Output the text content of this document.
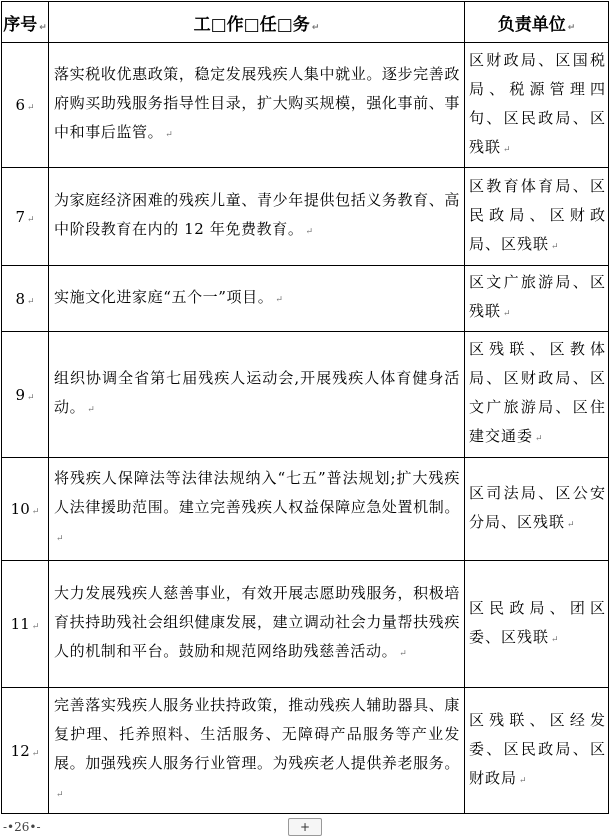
序号 ↵	工□作□任□务 ↵	负责单位 ↵
6 ↵	落实税收优惠政策，稳定发展残疾人集中就业。逐步完善政府购买助残服务指导性目录，扩大购买规模，强化事前、事中和事后监管。 ↵	区财政局、区国税局、税源管理四句、区民政局、区残联 ↵
7 ↵	为家庭经济困难的残疾儿童、青少年提供包括义务教育、高中阶段教育在内的 12 年免费教育。 ↵	区教育体育局、区民政局、区财政局、区残联 ↵
8 ↵	实施文化进家庭“五个一”项目。 ↵	区文广旅游局、区残联 ↵
9 ↵	组织协调全省第七届残疾人运动会,开展残疾人体育健身活动。 ↵	区残联、区教体局、区财政局、区文广旅游局、区住建交通委 ↵
10 ↵	将残疾人保障法等法律法规纳入“七五”普法规划;扩大残疾人法律援助范围。建立完善残疾人权益保障应急处置机制。↵	区司法局、区公安分局、区残联 ↵
11 ↵	大力发展残疾人慈善事业，有效开展志愿助残服务，积极培育扶持助残社会组织健康发展，建立调动社会力量帮扶残疾人的机制和平台。鼓励和规范网络助残慈善活动。 ↵	区民政局、团区委、区残联 ↵
12 ↵	完善落实残疾人服务业扶持政策，推动残疾人辅助器具、康复护理、托养照料、生活服务、无障碍产品服务等产业发展。加强残疾人服务行业管理。为残疾老人提供养老服务。↵	区残联、区经发委、区民政局、区财政局 ↵
-•26•-	+
